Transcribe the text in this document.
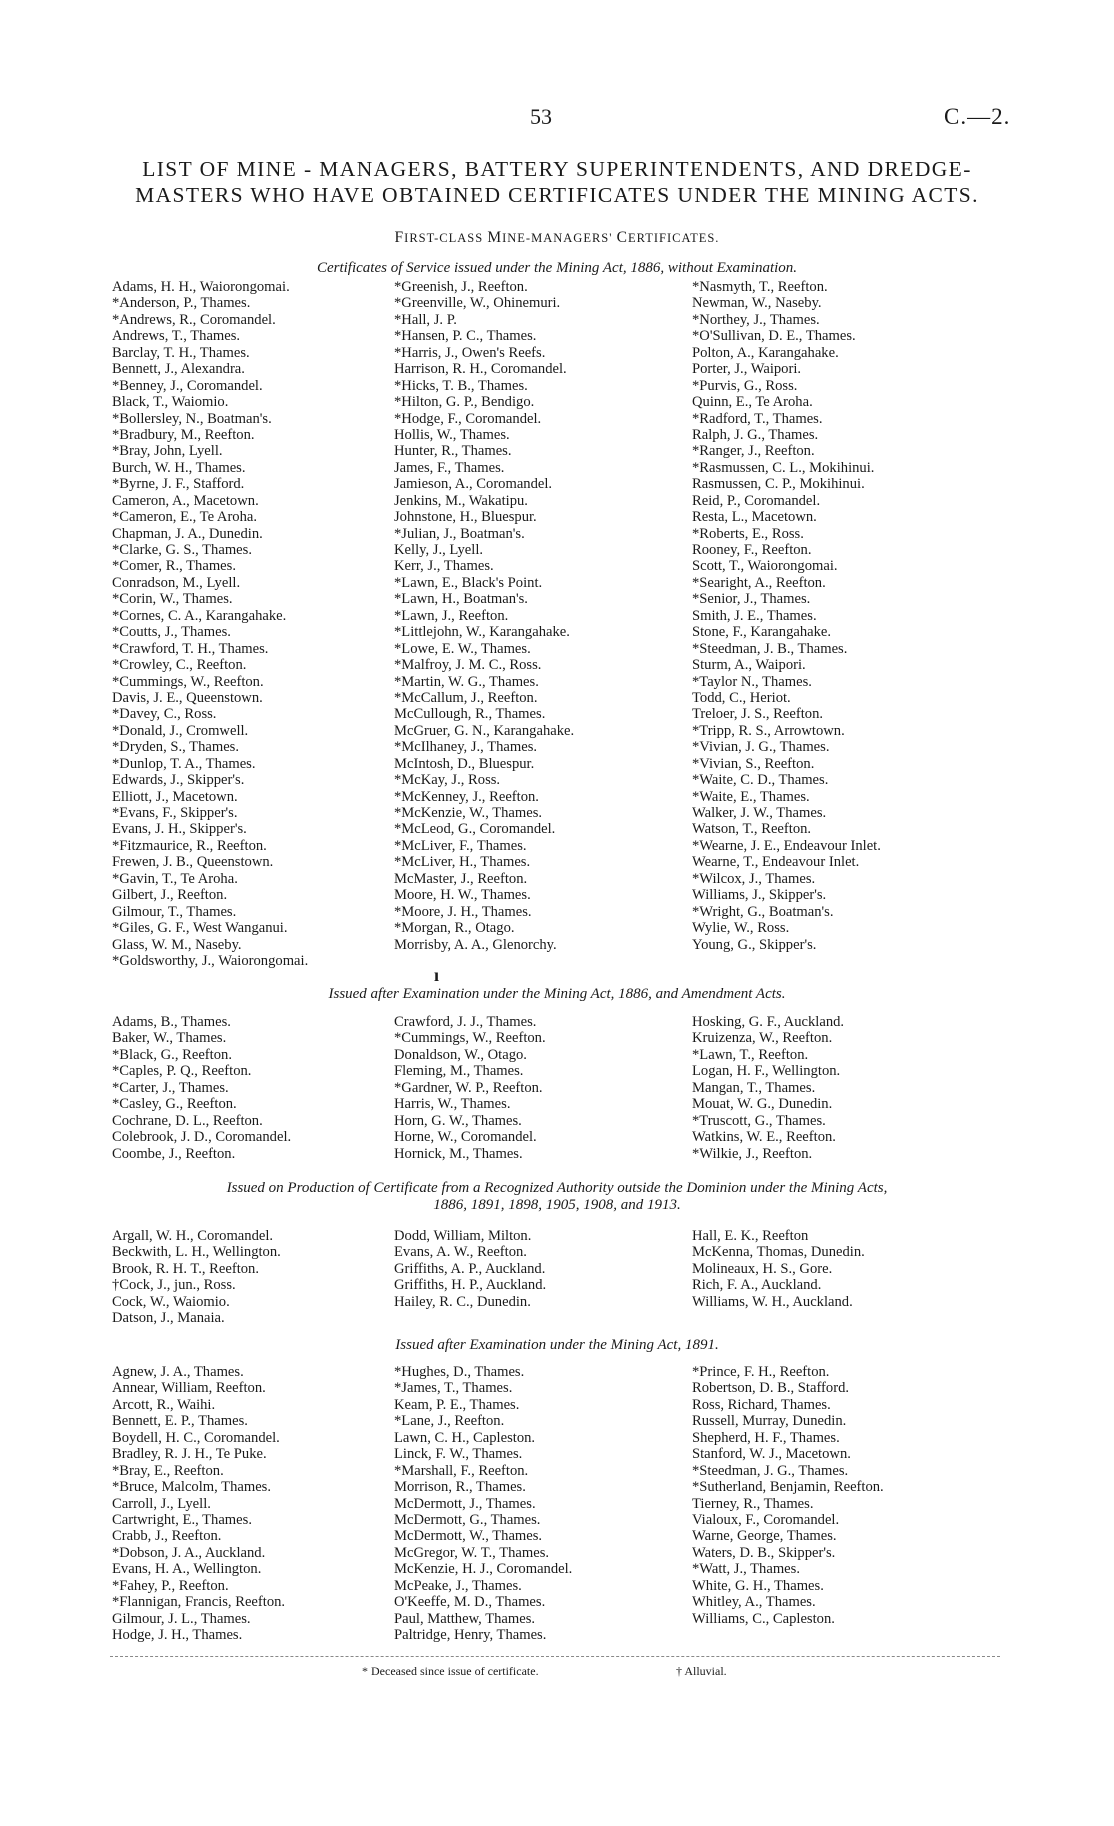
53	C.—2.
LIST OF MINE - MANAGERS, BATTERY SUPERINTENDENTS, AND DREDGE-
MASTERS WHO HAVE OBTAINED CERTIFICATES UNDER THE MINING ACTS.
FIRST-CLASS MINE-MANAGERS' CERTIFICATES.
Certificates of Service issued under the Mining Act, 1886, without Examination.
Adams, H. H., Waiorongomai.
*Anderson, P., Thames.
*Andrews, R., Coromandel.
Andrews, T., Thames.
Barclay, T. H., Thames.
Bennett, J., Alexandra.
*Benney, J., Coromandel.
Black, T., Waiomio.
*Bollersley, N., Boatman's.
*Bradbury, M., Reefton.
*Bray, John, Lyell.
Burch, W. H., Thames.
*Byrne, J. F., Stafford.
Cameron, A., Macetown.
*Cameron, E., Te Aroha.
Chapman, J. A., Dunedin.
*Clarke, G. S., Thames.
*Comer, R., Thames.
Conradson, M., Lyell.
*Corin, W., Thames.
*Cornes, C. A., Karangahake.
*Coutts, J., Thames.
*Crawford, T. H., Thames.
*Crowley, C., Reefton.
*Cummings, W., Reefton.
Davis, J. E., Queenstown.
*Davey, C., Ross.
*Donald, J., Cromwell.
*Dryden, S., Thames.
*Dunlop, T. A., Thames.
Edwards, J., Skipper's.
Elliott, J., Macetown.
*Evans, F., Skipper's.
Evans, J. H., Skipper's.
*Fitzmaurice, R., Reefton.
Frewen, J. B., Queenstown.
*Gavin, T., Te Aroha.
Gilbert, J., Reefton.
Gilmour, T., Thames.
*Giles, G. F., West Wanganui.
Glass, W. M., Naseby.
*Goldsworthy, J., Waiorongomai.
*Greenish, J., Reefton.
*Greenville, W., Ohinemuri.
*Hall, J. P.
*Hansen, P. C., Thames.
*Harris, J., Owen's Reefs.
Harrison, R. H., Coromandel.
*Hicks, T. B., Thames.
*Hilton, G. P., Bendigo.
*Hodge, F., Coromandel.
Hollis, W., Thames.
Hunter, R., Thames.
James, F., Thames.
Jamieson, A., Coromandel.
Jenkins, M., Wakatipu.
Johnstone, H., Bluespur.
*Julian, J., Boatman's.
Kelly, J., Lyell.
Kerr, J., Thames.
*Lawn, E., Black's Point.
*Lawn, H., Boatman's.
*Lawn, J., Reefton.
*Littlejohn, W., Karangahake.
*Lowe, E. W., Thames.
*Malfroy, J. M. C., Ross.
*Martin, W. G., Thames.
*McCallum, J., Reefton.
McCullough, R., Thames.
McGruer, G. N., Karangahake.
*McIlhaney, J., Thames.
McIntosh, D., Bluespur.
*McKay, J., Ross.
*McKenney, J., Reefton.
*McKenzie, W., Thames.
*McLeod, G., Coromandel.
*McLiver, F., Thames.
*McLiver, H., Thames.
McMaster, J., Reefton.
Moore, H. W., Thames.
*Moore, J. H., Thames.
*Morgan, R., Otago.
Morrisby, A. A., Glenorchy.
*Nasmyth, T., Reefton.
Newman, W., Naseby.
*Northey, J., Thames.
*O'Sullivan, D. E., Thames.
Polton, A., Karangahake.
Porter, J., Waipori.
*Purvis, G., Ross.
Quinn, E., Te Aroha.
*Radford, T., Thames.
Ralph, J. G., Thames.
*Ranger, J., Reefton.
*Rasmussen, C. L., Mokihinui.
Rasmussen, C. P., Mokihinui.
Reid, P., Coromandel.
Resta, L., Macetown.
*Roberts, E., Ross.
Rooney, F., Reefton.
Scott, T., Waiorongomai.
*Searight, A., Reefton.
*Senior, J., Thames.
Smith, J. E., Thames.
Stone, F., Karangahake.
*Steedman, J. B., Thames.
Sturm, A., Waipori.
*Taylor N., Thames.
Todd, C., Heriot.
Treloer, J. S., Reefton.
*Tripp, R. S., Arrowtown.
*Vivian, J. G., Thames.
*Vivian, S., Reefton.
*Waite, C. D., Thames.
*Waite, E., Thames.
Walker, J. W., Thames.
Watson, T., Reefton.
*Wearne, J. E., Endeavour Inlet.
Wearne, T., Endeavour Inlet.
*Wilcox, J., Thames.
Williams, J., Skipper's.
*Wright, G., Boatman's.
Wylie, W., Ross.
Young, G., Skipper's.
ı
Issued after Examination under the Mining Act, 1886, and Amendment Acts.
Adams, B., Thames.
Baker, W., Thames.
*Black, G., Reefton.
*Caples, P. Q., Reefton.
*Carter, J., Thames.
*Casley, G., Reefton.
Cochrane, D. L., Reefton.
Colebrook, J. D., Coromandel.
Coombe, J., Reefton.
Crawford, J. J., Thames.
*Cummings, W., Reefton.
Donaldson, W., Otago.
Fleming, M., Thames.
*Gardner, W. P., Reefton.
Harris, W., Thames.
Horn, G. W., Thames.
Horne, W., Coromandel.
Hornick, M., Thames.
Hosking, G. F., Auckland.
Kruizenza, W., Reefton.
*Lawn, T., Reefton.
Logan, H. F., Wellington.
Mangan, T., Thames.
Mouat, W. G., Dunedin.
*Truscott, G., Thames.
Watkins, W. E., Reefton.
*Wilkie, J., Reefton.
Issued on Production of Certificate from a Recognized Authority outside the Dominion under the Mining Acts,
1886, 1891, 1898, 1905, 1908, and 1913.
Argall, W. H., Coromandel.
Beckwith, L. H., Wellington.
Brook, R. H. T., Reefton.
†Cock, J., jun., Ross.
Cock, W., Waiomio.
Datson, J., Manaia.
Dodd, William, Milton.
Evans, A. W., Reefton.
Griffiths, A. P., Auckland.
Griffiths, H. P., Auckland.
Hailey, R. C., Dunedin.
Hall, E. K., Reefton
McKenna, Thomas, Dunedin.
Molineaux, H. S., Gore.
Rich, F. A., Auckland.
Williams, W. H., Auckland.
Issued after Examination under the Mining Act, 1891.
Agnew, J. A., Thames.
Annear, William, Reefton.
Arcott, R., Waihi.
Bennett, E. P., Thames.
Boydell, H. C., Coromandel.
Bradley, R. J. H., Te Puke.
*Bray, E., Reefton.
*Bruce, Malcolm, Thames.
Carroll, J., Lyell.
Cartwright, E., Thames.
Crabb, J., Reefton.
*Dobson, J. A., Auckland.
Evans, H. A., Wellington.
*Fahey, P., Reefton.
*Flannigan, Francis, Reefton.
Gilmour, J. L., Thames.
Hodge, J. H., Thames.
*Hughes, D., Thames.
*James, T., Thames.
Keam, P. E., Thames.
*Lane, J., Reefton.
Lawn, C. H., Capleston.
Linck, F. W., Thames.
*Marshall, F., Reefton.
Morrison, R., Thames.
McDermott, J., Thames.
McDermott, G., Thames.
McDermott, W., Thames.
McGregor, W. T., Thames.
McKenzie, H. J., Coromandel.
McPeake, J., Thames.
O'Keeffe, M. D., Thames.
Paul, Matthew, Thames.
Paltridge, Henry, Thames.
*Prince, F. H., Reefton.
Robertson, D. B., Stafford.
Ross, Richard, Thames.
Russell, Murray, Dunedin.
Shepherd, H. F., Thames.
Stanford, W. J., Macetown.
*Steedman, J. G., Thames.
*Sutherland, Benjamin, Reefton.
Tierney, R., Thames.
Vialoux, F., Coromandel.
Warne, George, Thames.
Waters, D. B., Skipper's.
*Watt, J., Thames.
White, G. H., Thames.
Whitley, A., Thames.
Williams, C., Capleston.
* Deceased since issue of certificate.	† Alluvial.
